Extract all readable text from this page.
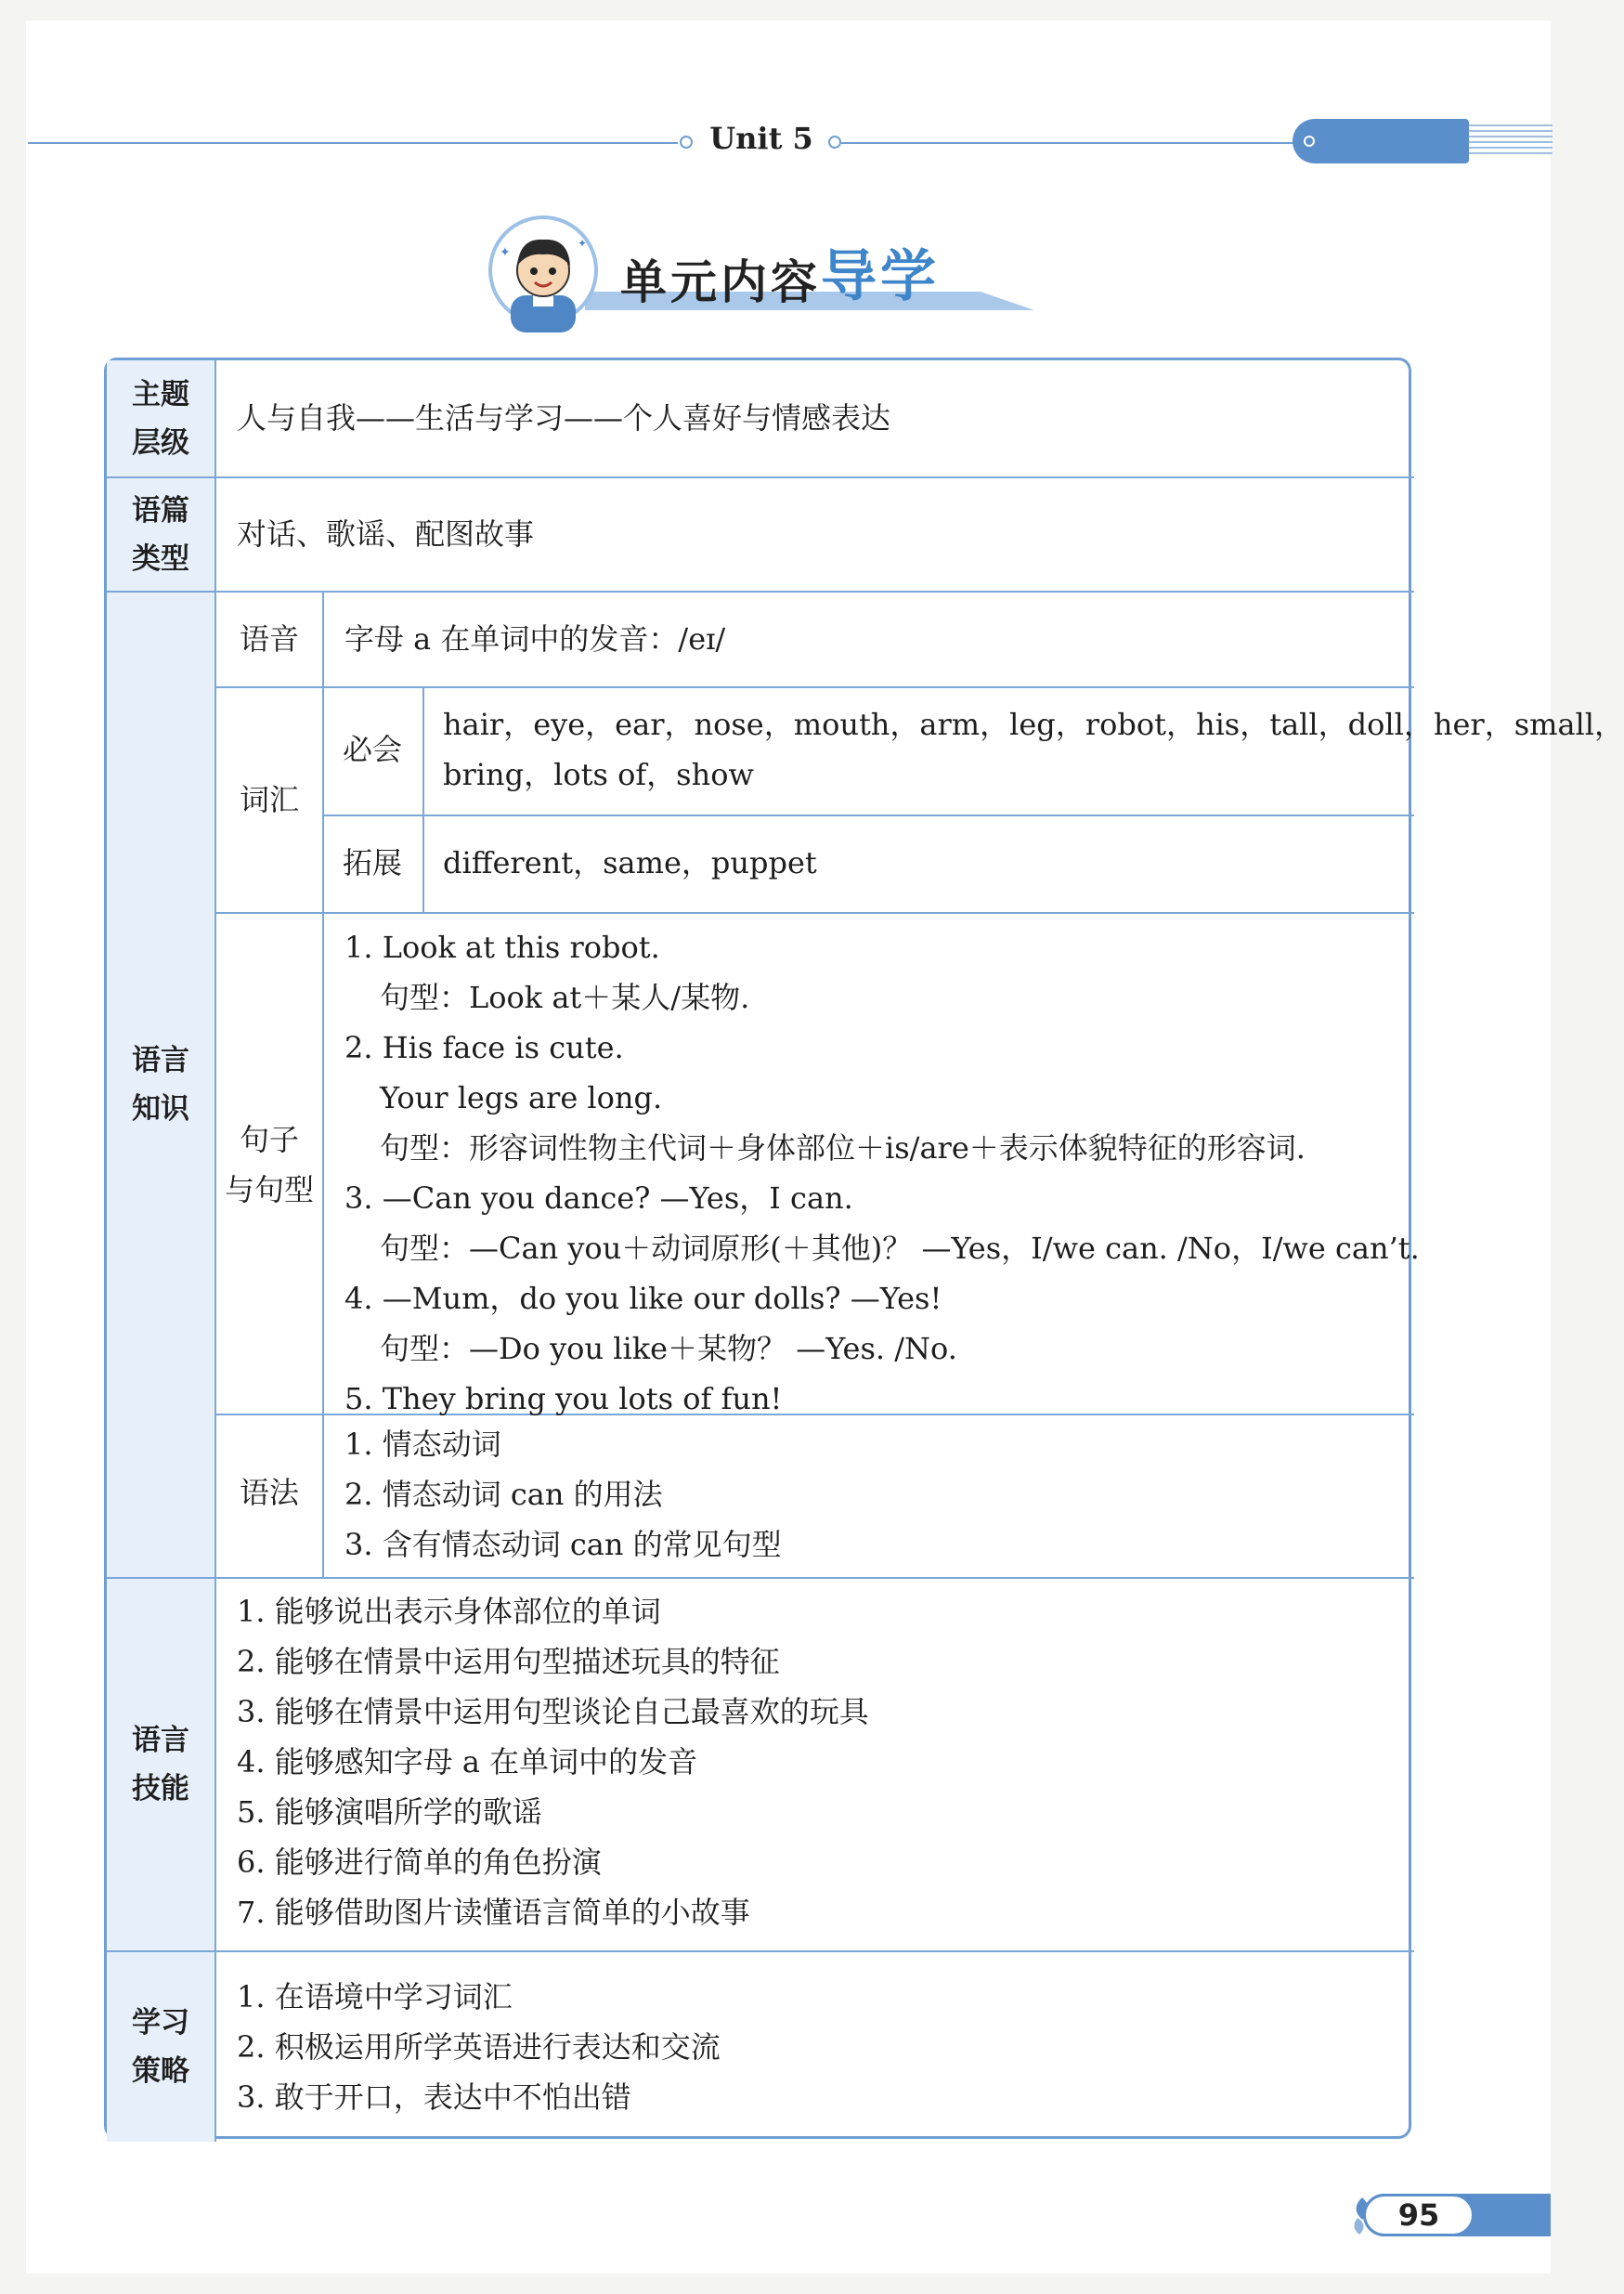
Unit 5
✦
✦
单元内容 导学
主题
层级
语篇
类型
语言
知识
语言
技能
学习
策略
人与自我——生活与学习——个人喜好与情感表达
对话、歌谣、配图故事
语音	字母 a 在单词中的发音：/eɪ/
词汇
必会
hair，eye，ear，nose，mouth，arm，leg，robot，his，tall，doll，her，small，
bring，lots of，show
拓展	different，same，puppet
句子
与句型
1. Look at this robot.
句型：Look at＋某人/某物.
2. His face is cute.
Your legs are long.
句型：形容词性物主代词＋身体部位＋is/are＋表示体貌特征的形容词.
3. —Can you dance? —Yes，I can.
句型：—Can you＋动词原形(＋其他)？ —Yes，I/we can. /No，I/we can’t.
4. —Mum，do you like our dolls? —Yes!
句型：—Do you like＋某物？ —Yes. /No.
5. They bring you lots of fun!
语法
1. 情态动词
2. 情态动词 can 的用法
3. 含有情态动词 can 的常见句型
1. 能够说出表示身体部位的单词
2. 能够在情景中运用句型描述玩具的特征
3. 能够在情景中运用句型谈论自己最喜欢的玩具
4. 能够感知字母 a 在单词中的发音
5. 能够演唱所学的歌谣
6. 能够进行简单的角色扮演
7. 能够借助图片读懂语言简单的小故事
1. 在语境中学习词汇
2. 积极运用所学英语进行表达和交流
3. 敢于开口，表达中不怕出错
95
